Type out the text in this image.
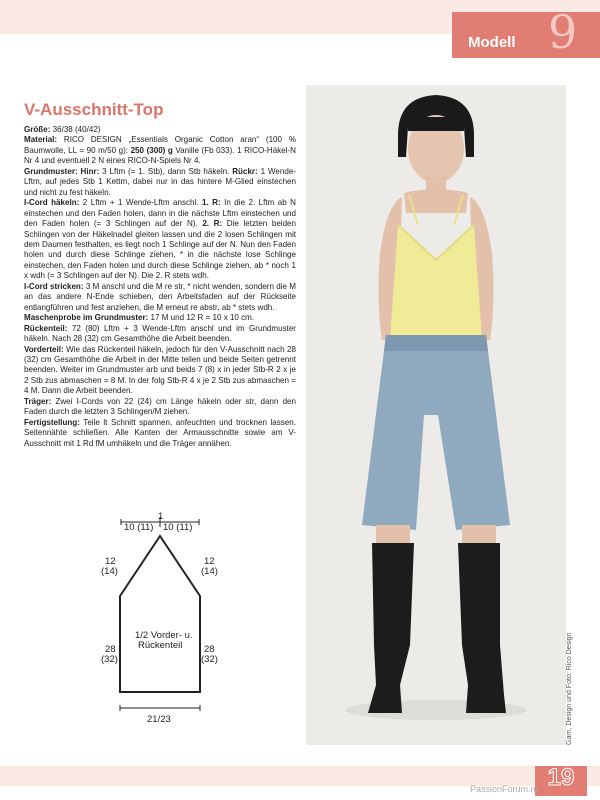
Modell 9
V-Ausschnitt-Top

Größe: 36/38 (40/42)

Material: RICO DESIGN „Essentials Organic Cotton aran“ (100 % Baumwolle, LL = 90 m/50 g): 250 (300) g Vanille (Fb 033). 1 RICO-Häkel-N Nr 4 und eventuell 2 N eines RICO-N-Spiels Nr 4.

Grundmuster: Hinr: 3 Lftm (= 1. Stb), dann Stb häkeln. Rückr: 1 Wende-Lftm, auf jedes Stb 1 Kettm, dabei nur in das hintere M-Glied einstechen und nicht zu fest häkeln.

I-Cord häkeln: 2 Lftm + 1 Wende-Lftm anschl. 1. R: In die 2. Lftm ab N einstechen und den Faden holen, dann in die nächste Lftm einstechen und den Faden holen (= 3 Schlingen auf der N). 2. R: Die letzten beiden Schlingen von der Häkelnadel gleiten lassen und die 2 losen Schlingen mit dem Daumen festhalten, es liegt noch 1 Schlinge auf der N. Nun den Faden holen und durch diese Schlinge ziehen, * in die nächste lose Schlinge einstechen, den Faden holen und durch diese Schlinge ziehen, ab * noch 1 x wdh (= 3 Schlingen auf der N). Die 2. R stets wdh.

I-Cord stricken: 3 M anschl und die M re str, * nicht wenden, sondern die M an das andere N-Ende schieben, den Arbeitsfaden auf der Rückseite entlangführen und fest anziehen, die M erneut re abstr, ab * stets wdh.

Maschenprobe im Grundmuster: 17 M und 12 R = 10 x 10 cm.

Rückenteil: 72 (80) Lftm + 3 Wende-Lftm anschl und im Grundmuster häkeln. Nach 28 (32) cm Gesamthöhe die Arbeit beenden.

Vorderteil: Wie das Rückenteil häkeln, jedoch für den V-Ausschnitt nach 28 (32) cm Gesamthöhe die Arbeit in der Mitte teilen und beide Seiten getrennt beenden. Weiter im Grundmuster arb und beids 7 (8) x in jeder Stb-R 2 x je 2 Stb zus abmaschen = 8 M. In der folg Stb-R 4 x je 2 Stb zus abmaschen = 4 M. Dann die Arbeit beenden.

Träger: Zwei I-Cords von 22 (24) cm Länge häkeln oder str, dann den Faden durch die letzten 3 Schlingen/M ziehen.

Fertigstellung: Teile lt Schnitt spannen, anfeuchten und trocknen lassen. Seitennähte schließen. Alle Kanten der Armausschnitte sowie am V-Ausschnitt mit 1 Rd fM umhäkeln und die Träger annähen.

1
10 (11) 10 (11)
12
(14)
12
(14)
1/2 Vorder- u.
Rückenteil
28
(32)
28
(32)
21/23	Garn, Design und Foto: Rico Design
19
PassionForum.ru
